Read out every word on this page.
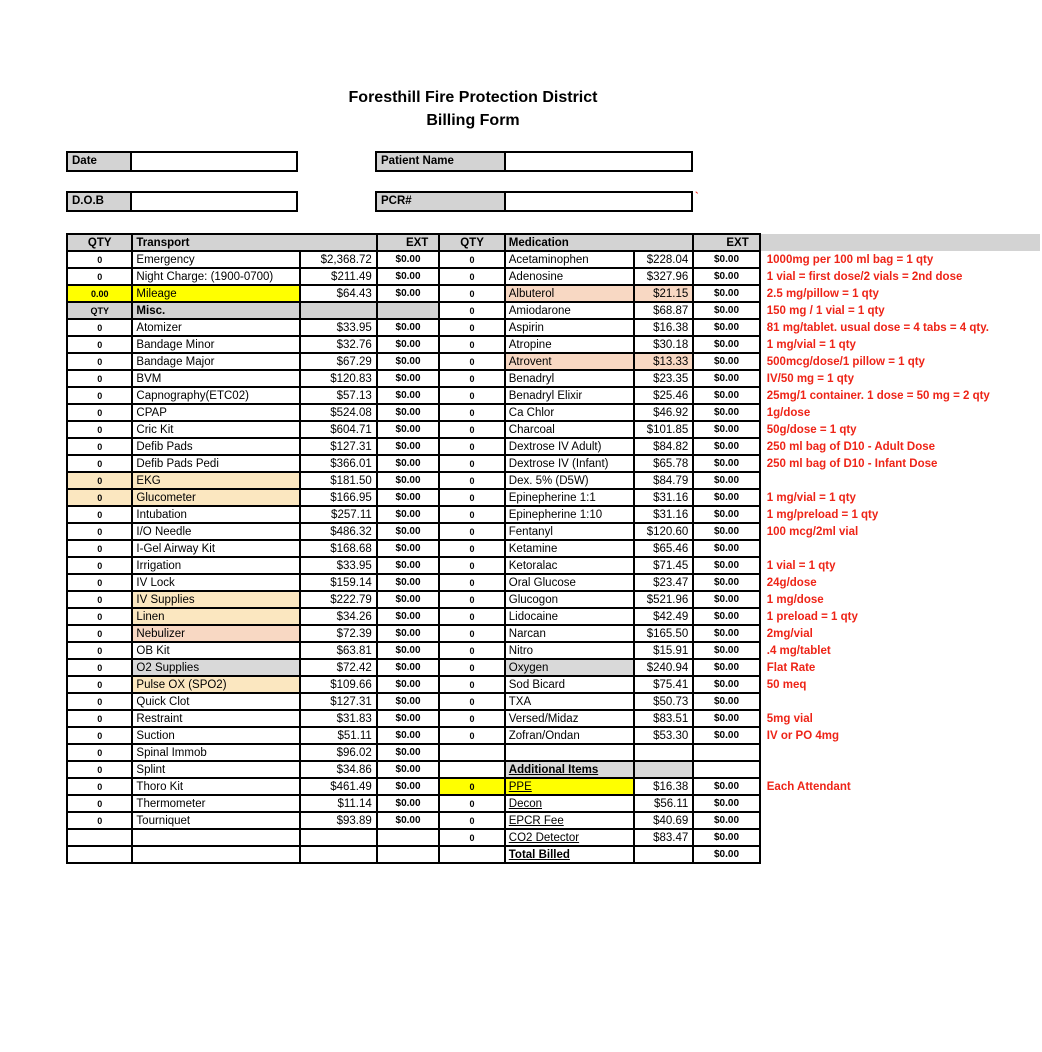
Foresthill Fire Protection District
Billing Form
Date	Patient Name
D.O.B	PCR#	`
QTY	Transport		EXT	QTY	Medication		EXT	
0	Emergency	$2,368.72	$0.00	0	Acetaminophen	$228.04	$0.00	1000mg per 100 ml bag = 1 qty
0	Night Charge: (1900-0700)	$211.49	$0.00	0	Adenosine	$327.96	$0.00	1 vial = first dose/2 vials = 2nd dose
0.00	Mileage	$64.43	$0.00	0	Albuterol	$21.15	$0.00	2.5 mg/pillow = 1 qty
QTY	Misc.			0	Amiodarone	$68.87	$0.00	150 mg / 1 vial = 1 qty
0	Atomizer	$33.95	$0.00	0	Aspirin	$16.38	$0.00	81 mg/tablet. usual dose = 4 tabs = 4 qty.
0	Bandage Minor	$32.76	$0.00	0	Atropine	$30.18	$0.00	1 mg/vial = 1 qty
0	Bandage Major	$67.29	$0.00	0	Atrovent	$13.33	$0.00	500mcg/dose/1 pillow = 1 qty
0	BVM	$120.83	$0.00	0	Benadryl	$23.35	$0.00	IV/50 mg = 1 qty
0	Capnography(ETC02)	$57.13	$0.00	0	Benadryl Elixir	$25.46	$0.00	25mg/1 container. 1 dose = 50 mg = 2 qty
0	CPAP	$524.08	$0.00	0	Ca Chlor	$46.92	$0.00	1g/dose
0	Cric Kit	$604.71	$0.00	0	Charcoal	$101.85	$0.00	50g/dose = 1 qty
0	Defib Pads	$127.31	$0.00	0	Dextrose IV Adult)	$84.82	$0.00	250 ml bag of D10 - Adult Dose
0	Defib Pads Pedi	$366.01	$0.00	0	Dextrose IV (Infant)	$65.78	$0.00	250 ml bag of D10 - Infant Dose
0	EKG	$181.50	$0.00	0	Dex. 5% (D5W)	$84.79	$0.00	
0	Glucometer	$166.95	$0.00	0	Epinepherine 1:1	$31.16	$0.00	1 mg/vial = 1 qty
0	Intubation	$257.11	$0.00	0	Epinepherine 1:10	$31.16	$0.00	1 mg/preload = 1 qty
0	I/O Needle	$486.32	$0.00	0	Fentanyl	$120.60	$0.00	100 mcg/2ml vial
0	I-Gel Airway Kit	$168.68	$0.00	0	Ketamine	$65.46	$0.00	
0	Irrigation	$33.95	$0.00	0	Ketoralac	$71.45	$0.00	1 vial = 1 qty
0	IV Lock	$159.14	$0.00	0	Oral Glucose	$23.47	$0.00	24g/dose
0	IV Supplies	$222.79	$0.00	0	Glucogon	$521.96	$0.00	1 mg/dose
0	Linen	$34.26	$0.00	0	Lidocaine	$42.49	$0.00	1 preload = 1 qty
0	Nebulizer	$72.39	$0.00	0	Narcan	$165.50	$0.00	2mg/vial
0	OB Kit	$63.81	$0.00	0	Nitro	$15.91	$0.00	.4 mg/tablet
0	O2 Supplies	$72.42	$0.00	0	Oxygen	$240.94	$0.00	Flat Rate
0	Pulse OX (SPO2)	$109.66	$0.00	0	Sod Bicard	$75.41	$0.00	50 meq
0	Quick Clot	$127.31	$0.00	0	TXA	$50.73	$0.00	
0	Restraint	$31.83	$0.00	0	Versed/Midaz	$83.51	$0.00	5mg vial
0	Suction	$51.11	$0.00	0	Zofran/Ondan	$53.30	$0.00	IV or PO 4mg
0	Spinal Immob	$96.02	$0.00					
0	Splint	$34.86	$0.00		Additional Items			
0	Thoro Kit	$461.49	$0.00	0	PPE	$16.38	$0.00	Each Attendant
0	Thermometer	$11.14	$0.00	0	Decon	$56.11	$0.00	
0	Tourniquet	$93.89	$0.00	0	EPCR Fee	$40.69	$0.00	
				0	CO2 Detector	$83.47	$0.00	
					Total Billed		$0.00	
